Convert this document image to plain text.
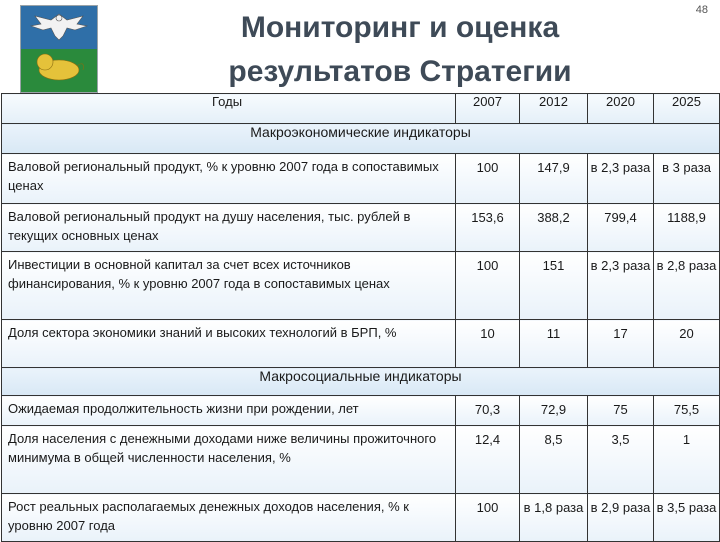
48
Мониторинг и оценка
результатов Стратегии
Годы	2007	2012	2020	2025
Макроэкономические индикаторы				
Валовой региональный продукт, % к уровню 2007 года в сопоставимых ценах	100	147,9	в 2,3 раза	в 3 раза
Валовой региональный продукт на душу населения, тыс. рублей в текущих основных ценах	153,6	388,2	799,4	1188,9
Инвестиции в основной капитал за счет всех источников финансирования, % к уровню 2007 года в сопоставимых ценах	100	151	в 2,3 раза	в 2,8 раза
Доля сектора экономики знаний и высоких технологий в БРП, %	10	11	17	20
Макросоциальные индикаторы				
Ожидаемая продолжительность жизни при рождении, лет	70,3	72,9	75	75,5
Доля населения с денежными доходами ниже величины прожиточного минимума в общей численности населения, %	12,4	8,5	3,5	1
Рост реальных располагаемых денежных доходов населения, % к уровню 2007 года	100	в 1,8 раза	в 2,9 раза	в 3,5 раза
